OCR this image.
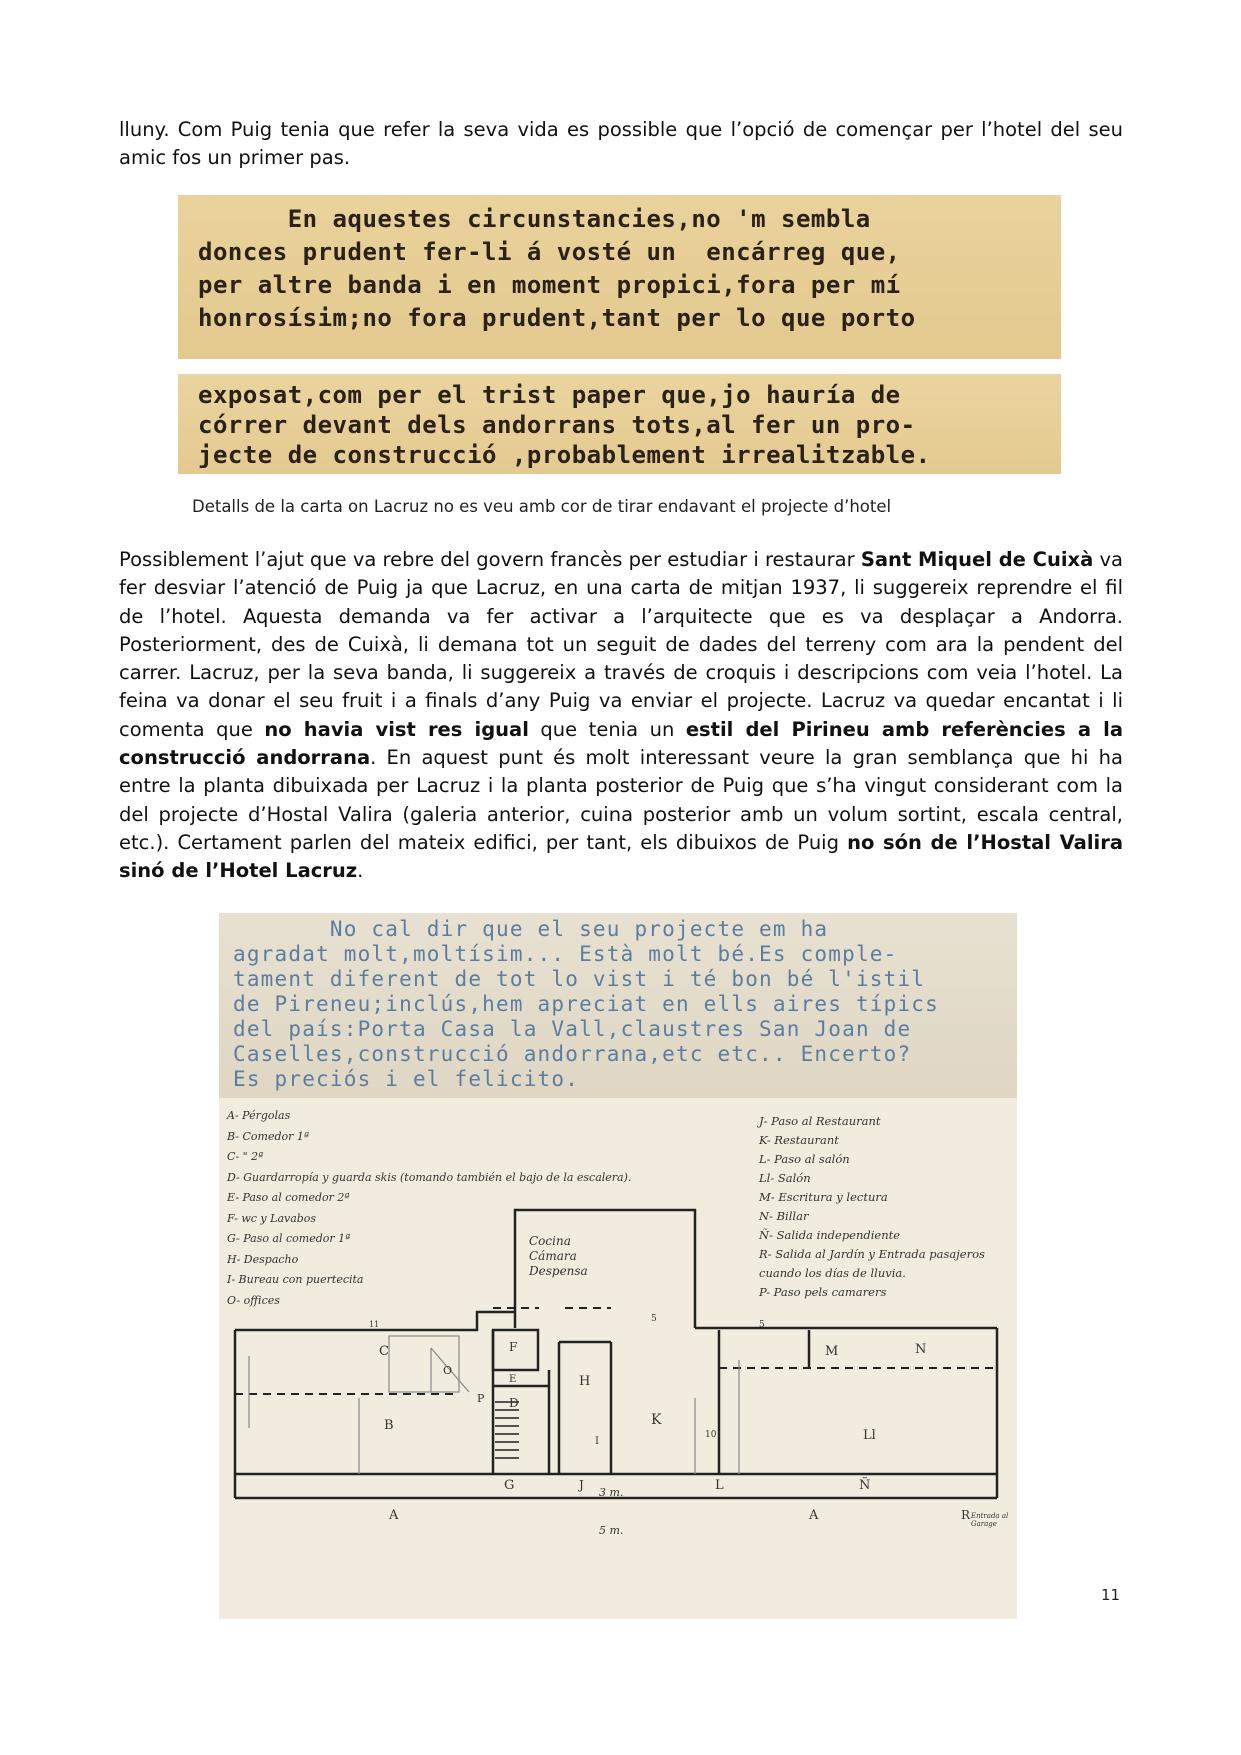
lluny. Com Puig tenia que refer la seva vida es possible que l’opció de començar per l’hotel del seu amic fos un primer pas.
En aquestes circunstancies,no 'm sembla
donces prudent fer-li á vosté un  encárreg que,
per altre banda i en moment propici,fora per mí
honrosísim;no fora prudent,tant per lo que porto
exposat,com per el trist paper que,jo hauría de
córrer devant dels andorrans tots,al fer un pro-
jecte de construcció ,probablement irrealitzable.
Detalls de la carta on Lacruz no es veu amb cor de tirar endavant el projecte d’hotel
Possiblement l’ajut que va rebre del govern francès per estudiar i restaurar Sant Miquel de Cuixà va fer desviar l’atenció de Puig ja que Lacruz, en una carta de mitjan 1937, li suggereix reprendre el fil de l’hotel. Aquesta demanda va fer activar a l’arquitecte que es va desplaçar a Andorra. Posteriorment, des de Cuixà, li demana tot un seguit de dades del terreny com ara la pendent del carrer. Lacruz, per la seva banda, li suggereix a través de croquis i descripcions com veia l’hotel. La feina va donar el seu fruit i a finals d’any Puig va enviar el projecte. Lacruz va quedar encantat i li comenta que no havia vist res igual que tenia un estil del Pirineu amb referències a la construcció andorrana. En aquest punt és molt interessant veure la gran semblança que hi ha entre la planta dibuixada per Lacruz i la planta posterior de Puig que s’ha vingut considerant com la del projecte d’Hostal Valira (galeria anterior, cuina posterior amb un volum sortint, escala central, etc.). Certament parlen del mateix edifici, per tant, els dibuixos de Puig no són de l’Hostal Valira sinó de l’Hotel Lacruz.
No cal dir que el seu projecte em ha
agradat molt,moltísim... Està molt bé.Es comple-
tament diferent de tot lo vist i té bon bé l'istil
de Pireneu;inclús,hem apreciat en ells aires típics
del país:Porta Casa la Vall,claustres San Joan de
Caselles,construcció andorrana,etc etc.. Encerto?
Es preciós i el felicito.
A- Pérgolas
B- Comedor 1ª
C- " 2ª
D- Guardarropía y guarda skis (tomando también el bajo de la escalera).
E- Paso al comedor 2ª
F- wc y Lavabos
G- Paso al comedor 1ª
H- Despacho
I- Bureau con puertecita
O- offices
J- Paso al Restaurant
K- Restaurant
L- Paso al salón
Ll- Salón
M- Escritura y lectura
N- Billar
Ñ- Salida independiente
R- Salida al Jardín y Entrada pasajeros cuando los días de lluvia.
P- Paso pels camarers
Cocina
Cámara
Despensa
C
B
O
P
F
E
D
H
I
K
M	N
Ll
G	J	L	Ñ
A	A	R Entrada al Garage
3 m.
5 m.
11
5
5
10
11
